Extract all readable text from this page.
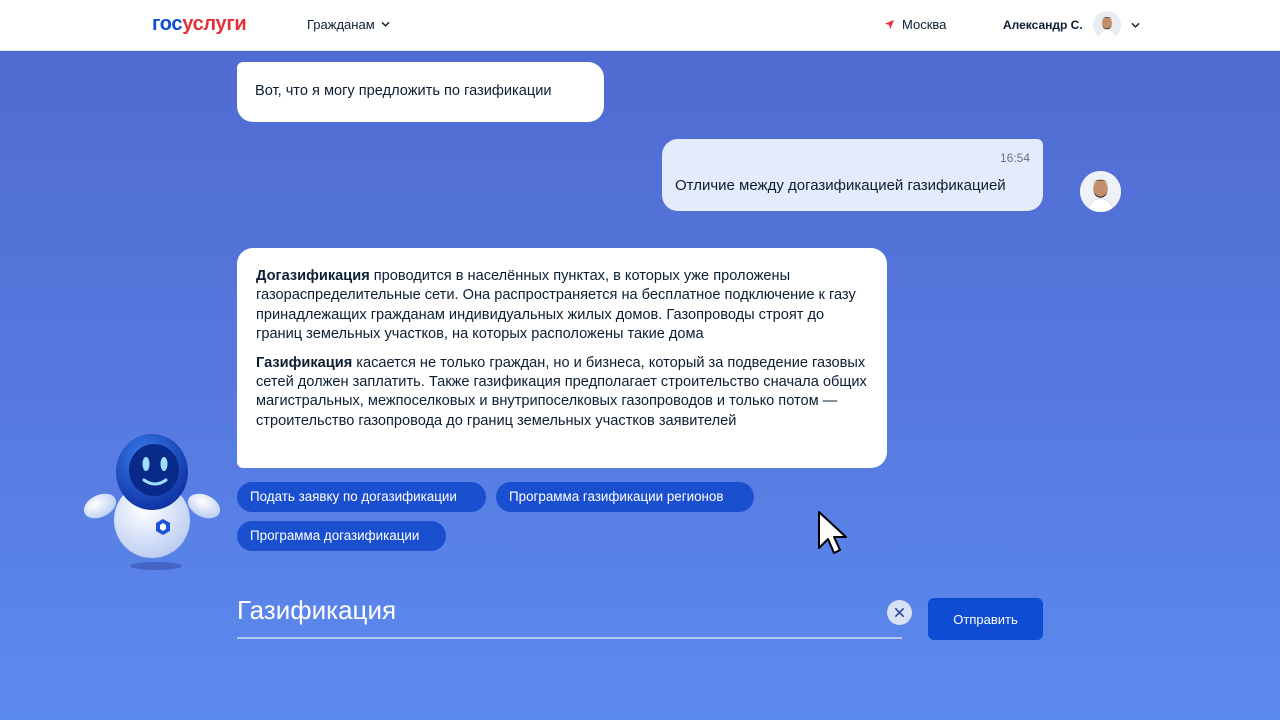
госуслуги	Гражданам	Москва	Александр С.
Вот, что я могу предложить по газификации
16:54
Отличие между догазификацией газификацией

Догазификация проводится в населённых пунктах, в которых уже проложены газораспределительные сети. Она распространяется на бесплатное подключение к газу принадлежащих гражданам индивидуальных жилых домов. Газопроводы строят до границ земельных участков, на которых расположены такие дома

Газификация касается не только граждан, но и бизнеса, который за подведение газовых сетей должен заплатить. Также газификация предполагает строительство сначала общих магистральных, межпоселковых и внутрипоселковых газопроводов и только потом — строительство газопровода до границ земельных участков заявителей

Подать заявку по догазификации	Программа газификации регионов
Программа догазификации
Газификация
Отправить
